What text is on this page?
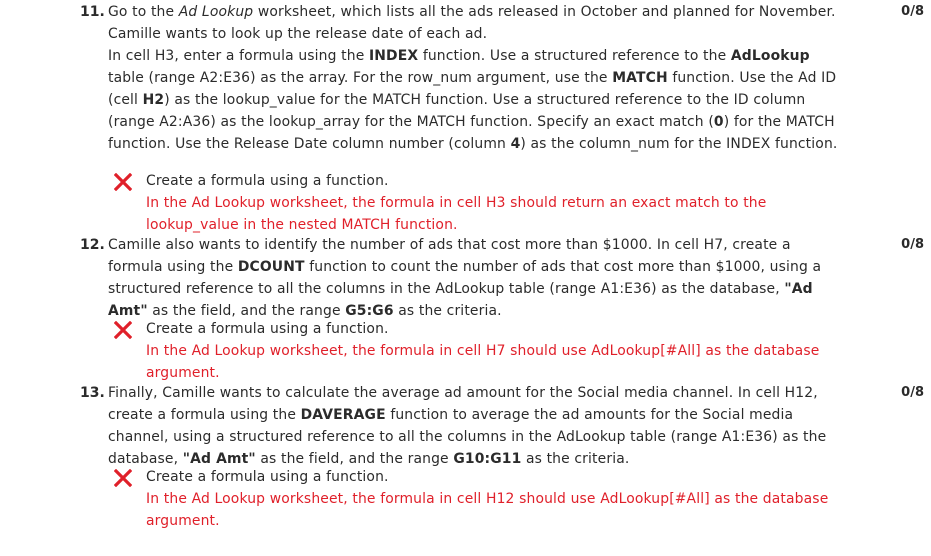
11.	0/8
Go to the Ad Lookup worksheet, which lists all the ads released in October and planned for November. Camille wants to look up the release date of each ad.
In cell H3, enter a formula using the INDEX function. Use a structured reference to the AdLookup table (range A2:E36) as the array. For the row_num argument, use the MATCH function. Use the Ad ID (cell H2) as the lookup_value for the MATCH function. Use a structured reference to the ID column (range A2:A36) as the lookup_array for the MATCH function. Specify an exact match (0) for the MATCH function. Use the Release Date column number (column 4) as the column_num for the INDEX function.
Create a formula using a function.
In the Ad Lookup worksheet, the formula in cell H3 should return an exact match to the lookup_value in the nested MATCH function.
12.	0/8
Camille also wants to identify the number of ads that cost more than $1000. In cell H7, create a formula using the DCOUNT function to count the number of ads that cost more than $1000, using a structured reference to all the columns in the AdLookup table (range A1:E36) as the database, "Ad Amt" as the field, and the range G5:G6 as the criteria.
Create a formula using a function.
In the Ad Lookup worksheet, the formula in cell H7 should use AdLookup[#All] as the database argument.
13.	0/8
Finally, Camille wants to calculate the average ad amount for the Social media channel. In cell H12, create a formula using the DAVERAGE function to average the ad amounts for the Social media channel, using a structured reference to all the columns in the AdLookup table (range A1:E36) as the database, "Ad Amt" as the field, and the range G10:G11 as the criteria.
Create a formula using a function.
In the Ad Lookup worksheet, the formula in cell H12 should use AdLookup[#All] as the database argument.
